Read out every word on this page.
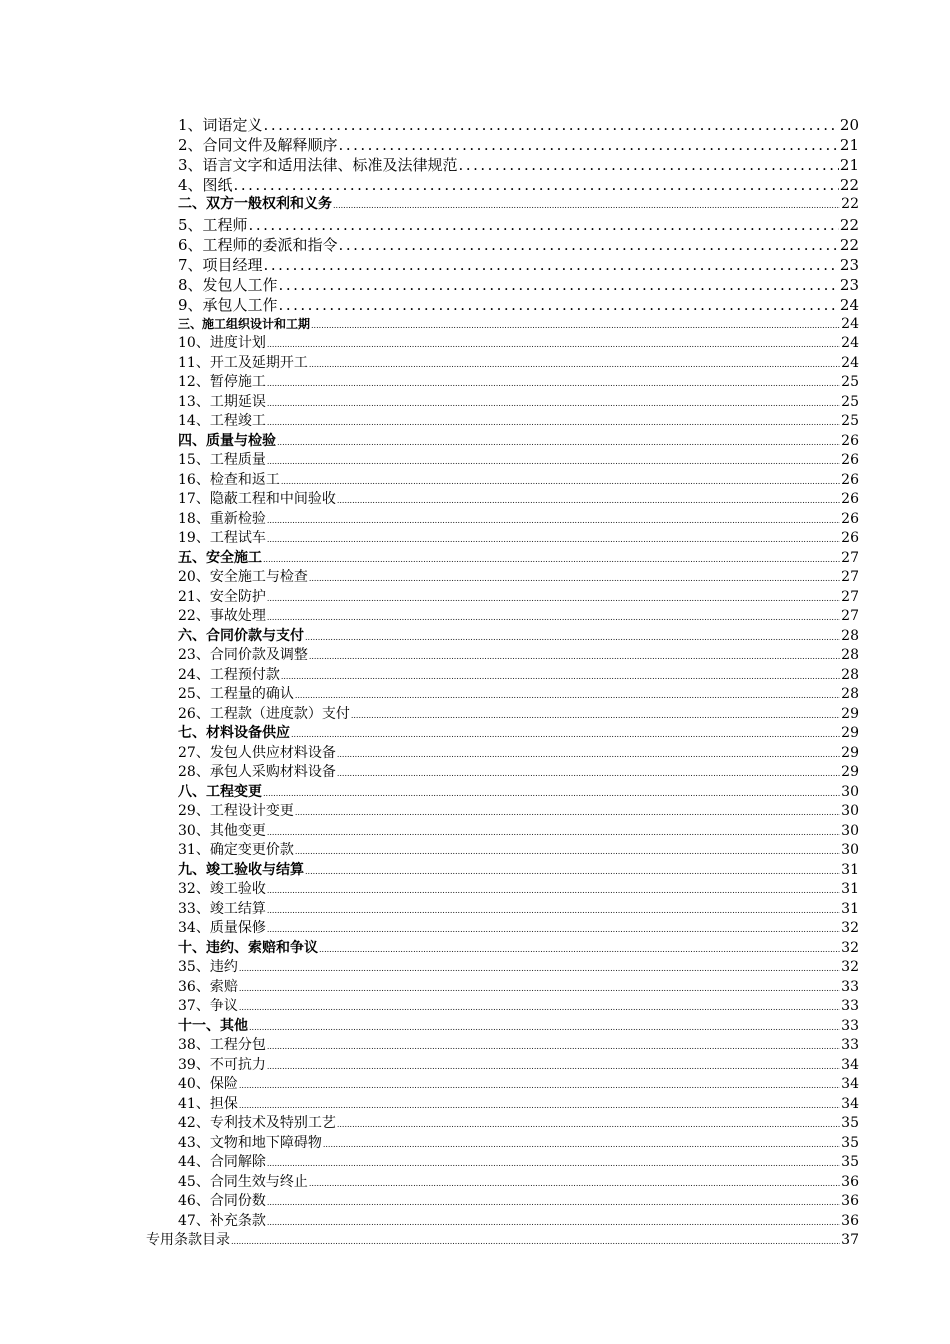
1、词语定义 .....	20
2、合同文件及解释顺序 .....	21
3、语言文字和适用法律、标准及法律规范 .....	21
4、图纸 .....	22
二、双方一般权利和义务 .....	22
5、工程师 .....	22
6、工程师的委派和指令 .....	22
7、项目经理 .....	23
8、发包人工作 .....	23
9、承包人工作 .....	24
三、施工组织设计和工期 .....	24
10、进度计划 .....	24
11、开工及延期开工 .....	24
12、暂停施工 .....	25
13、工期延误 .....	25
14、工程竣工 .....	25
四、质量与检验 .....	26
15、工程质量 .....	26
16、检查和返工 .....	26
17、隐蔽工程和中间验收 .....	26
18、重新检验 .....	26
19、工程试车 .....	26
五、安全施工 .....	27
20、安全施工与检查 .....	27
21、安全防护 .....	27
22、事故处理 .....	27
六、合同价款与支付 .....	28
23、合同价款及调整 .....	28
24、工程预付款 .....	28
25、工程量的确认 .....	28
26、工程款（进度款）支付 .....	29
七、材料设备供应 .....	29
27、发包人供应材料设备 .....	29
28、承包人采购材料设备 .....	29
八、工程变更 .....	30
29、工程设计变更 .....	30
30、其他变更 .....	30
31、确定变更价款 .....	30
九、竣工验收与结算 .....	31
32、竣工验收 .....	31
33、竣工结算 .....	31
34、质量保修 .....	32
十、违约、索赔和争议 .....	32
35、违约 .....	32
36、索赔 .....	33
37、争议 .....	33
十一、其他 .....	33
38、工程分包 .....	33
39、不可抗力 .....	34
40、保险 .....	34
41、担保 .....	34
42、专利技术及特别工艺 .....	35
43、文物和地下障碍物 .....	35
44、合同解除 .....	35
45、合同生效与终止 .....	36
46、合同份数 .....	36
47、补充条款 .....	36
专用条款目录 .....	37
